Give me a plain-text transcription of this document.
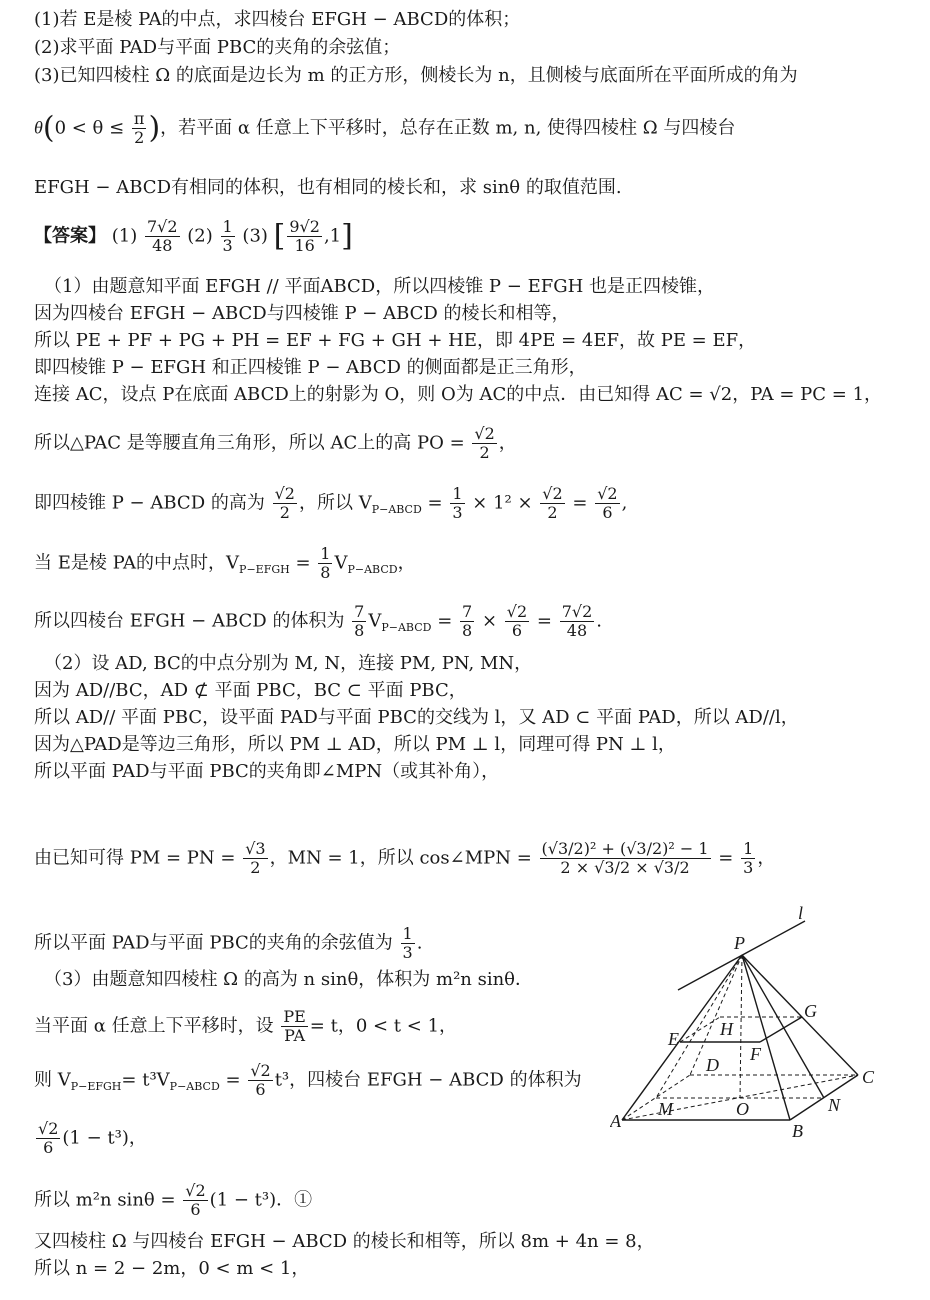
(1)若 E是棱 PA的中点，求四棱台 EFGH − ABCD的体积；
(2)求平面 PAD与平面 PBC的夹角的余弦值；
(3)已知四棱柱 Ω 的底面是边长为 m 的正方形，侧棱长为 n，且侧棱与底面所在平面所成的角为
$\theta(0 < \theta \le \frac{\pi}{2}$ )，若平面 α 任意上下平移时，总存在正数 m, n, 使得四棱柱 Ω 与四棱台
EFGH − ABCD有相同的体积，也有相同的棱长和，求 sinθ 的取值范围.
【答案】 $(1) \frac{7√2}{48} (2) \frac{1}{3} (3)$ [ $\frac{9√2}{16} ,1$]
（1）由题意知平面 EFGH // 平面ABCD，所以四棱锥 P − EFGH 也是正四棱锥，
因为四棱台 EFGH − ABCD与四棱锥 P − ABCD 的棱长和相等，
所以 PE + PF + PG + PH = EF + FG + GH + HE，即 4PE = 4EF，故 PE = EF，
即四棱锥 P − EFGH 和正四棱锥 P − ABCD 的侧面都是正三角形，
连接 AC，设点 P在底面 ABCD上的射影为 O，则 O为 AC的中点．由已知得 AC = √2，PA = PC = 1，
所以△PAC 是等腰直角三角形，所以 AC上的高 PO = $\frac{√2}{2}$ ，
即四棱锥 P − ABCD 的高为 $\frac{√2}{2}$ ，所以 $V_{P-ABCD} = \frac{1}{3} \times 1^2 \times \frac{√2}{2} = \frac{√2}{6}$ ,
当 E是棱 PA的中点时，$V_{P-EFGH} = \frac{1}{8} V_{P-ABCD}$，
所以四棱台 EFGH − ABCD 的体积为 $\frac{7}{8} V_{P-ABCD} = \frac{7}{8} \times \frac{√2}{6} = \frac{7√2}{48}$ .
（2）设 AD, BC的中点分别为 M, N，连接 PM, PN, MN，
因为 AD//BC，AD ⊄ 平面 PBC，BC ⊂ 平面 PBC，
所以 AD// 平面 PBC，设平面 PAD与平面 PBC的交线为 l，又 AD ⊂ 平面 PAD，所以 AD//l，
因为△PAD是等边三角形，所以 PM ⊥ AD，所以 PM ⊥ l，同理可得 PN ⊥ l，
所以平面 PAD与平面 PBC的夹角即∠MPN（或其补角），
由已知可得 PM = PN = $\frac{√3}{2}$ ，MN = 1，所以 cos∠MPN = $\frac{\text{(√3/2)² + (√3/2)² − 1}}{2 \times √3/2 \times √3/2} = \frac{1}{3}$ ，
所以平面 PAD与平面 PBC的夹角的余弦值为 $\frac{1}{3}$ .
（3）由题意知四棱柱 Ω 的高为 n sinθ，体积为 m²n sinθ．
当平面 α 任意上下平移时，设 $\frac{PE}{PA} = t$，0 < t < 1，
则 $V_{P-EFGH}= t^3V_{P-ABCD} = \frac{√2}{6} t^3$，四棱台 EFGH − ABCD 的体积为
$\frac{√2}{6} (1 - t^3)$，
所以 m²n $\sin\theta = \frac{√2}{6} (1 - t^3)$．①
又四棱柱 Ω 与四棱台 EFGH − ABCD 的棱长和相等，所以 8m + 4n = 8，
所以 n = 2 − 2m，0 < m < 1，
P
l
G
E H
F
D
C
A
M	O	N
B
